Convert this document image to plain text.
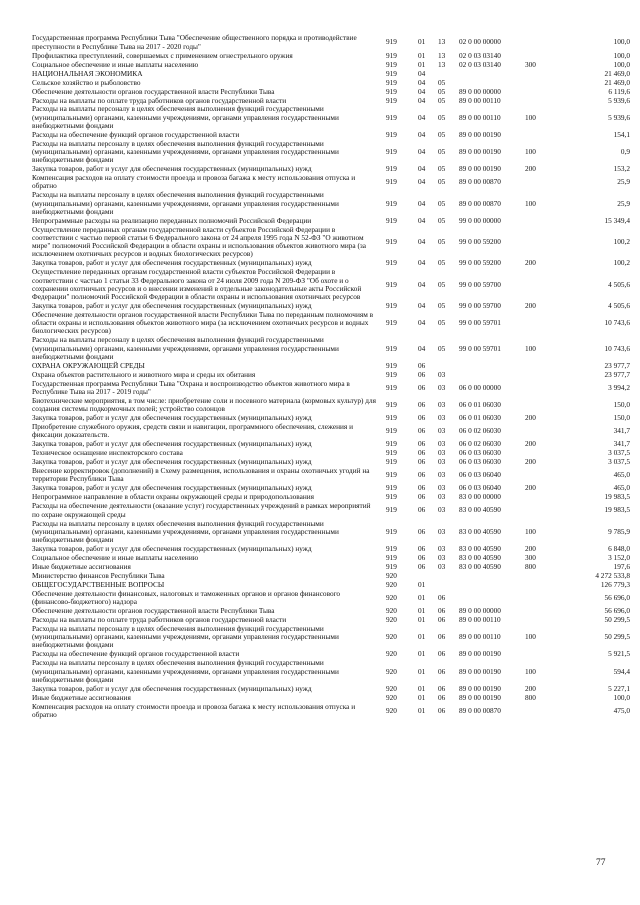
Государственная программа Республики Тыва "Обеспечение общественного порядка и противодействие преступности в Республике Тыва на 2017 - 2020 годы"	919	01	13	02 0 00 00000		100,0
Профилактика преступлений, совершаемых с применением огнестрельного оружия	919	01	13	02 0 03 03140		100,0
Социальное обеспечение и иные выплаты населению	919	01	13	02 0 03 03140	300	100,0
НАЦИОНАЛЬНАЯ ЭКОНОМИКА	919	04				21 469,0
Сельское хозяйство и рыболовство	919	04	05			21 469,0
Обеспечение деятельности органов государственной власти Республики Тыва	919	04	05	89 0 00 00000		6 119,6
Расходы на выплаты по оплате труда работников органов государственной власти	919	04	05	89 0 00 00110		5 939,6
Расходы на выплаты персоналу в целях обеспечения выполнения функций государственными (муниципальными) органами, казенными учреждениями, органами управления государственными внебюджетными фондами	919	04	05	89 0 00 00110	100	5 939,6
Расходы на обеспечение функций органов государственной власти	919	04	05	89 0 00 00190		154,1
Расходы на выплаты персоналу в целях обеспечения выполнения функций государственными (муниципальными) органами, казенными учреждениями, органами управления государственными внебюджетными фондами	919	04	05	89 0 00 00190	100	0,9
Закупка товаров, работ и услуг для обеспечения государственных (муниципальных) нужд	919	04	05	89 0 00 00190	200	153,2
Компенсация расходов на оплату стоимости проезда и провоза багажа к месту использования отпуска и обратно	919	04	05	89 0 00 00870		25,9
Расходы на выплаты персоналу в целях обеспечения выполнения функций государственными (муниципальными) органами, казенными учреждениями, органами управления государственными внебюджетными фондами	919	04	05	89 0 00 00870	100	25,9
Непрограммные расходы на реализацию переданных полномочий Российской Федерации	919	04	05	99 0 00 00000		15 349,4
Осуществление переданных органам государственной власти субъектов Российской Федерации в соответствии с частью первой статьи 6 Федерального закона от 24 апреля 1995 года N 52-ФЗ "О животном мире" полномочий Российской Федерации в области охраны и использования объектов животного мира (за исключением охотничьих ресурсов и водных биологических ресурсов)	919	04	05	99 0 00 59200		100,2
Закупка товаров, работ и услуг для обеспечения государственных (муниципальных) нужд	919	04	05	99 0 00 59200	200	100,2
Осуществление переданных органам государственной власти субъектов Российской Федерации в соответствии с частью 1 статьи 33 Федерального закона от 24 июля 2009 года N 209-ФЗ "Об охоте и о сохранении охотничьих ресурсов и о внесении изменений в отдельные законодательные акты Российской Федерации" полномочий Российской Федерации в области охраны и использования охотничьих ресурсов	919	04	05	99 0 00 59700		4 505,6
Закупка товаров, работ и услуг для обеспечения государственных (муниципальных) нужд	919	04	05	99 0 00 59700	200	4 505,6
Обеспечение деятельности органов государственной власти Республики Тыва по переданным полномочиям в области охраны и использования объектов животного мира (за исключением охотничьих ресурсов и водных биологических ресурсов)	919	04	05	99 0 00 59701		10 743,6
Расходы на выплаты персоналу в целях обеспечения выполнения функций государственными (муниципальными) органами, казенными учреждениями, органами управления государственными внебюджетными фондами	919	04	05	99 0 00 59701	100	10 743,6
ОХРАНА ОКРУЖАЮЩЕЙ СРЕДЫ	919	06				23 977,7
Охрана объектов растительного и животного мира и среды их обитания	919	06	03			23 977,7
Государственная программа Республики Тыва "Охрана и воспроизводство объектов животного мира в Республике Тыва на 2017 - 2019 годы"	919	06	03	06 0 00 00000		3 994,2
Биотехнические мероприятия, в том числе: приобретение соли и посевного материала (кормовых культур) для создания системы подкормочных полей; устройство солонцов	919	06	03	06 0 01 06030		150,0
Закупка товаров, работ и услуг для обеспечения государственных (муниципальных) нужд	919	06	03	06 0 01 06030	200	150,0
Приобретение служебного оружия, средств связи и навигации, программного обеспечения, слежения и фиксации доказательств.	919	06	03	06 0 02 06030		341,7
Закупка товаров, работ и услуг для обеспечения государственных (муниципальных) нужд	919	06	03	06 0 02 06030	200	341,7
Техническое оснащение инспекторского состава	919	06	03	06 0 03 06030		3 037,5
Закупка товаров, работ и услуг для обеспечения государственных (муниципальных) нужд	919	06	03	06 0 03 06030	200	3 037,5
Внесение корректировок (дополнений) в Схему размещения, использования и охраны охотничьих угодий на территории Республики Тыва	919	06	03	06 0 03 06040		465,0
Закупка товаров, работ и услуг для обеспечения государственных (муниципальных) нужд	919	06	03	06 0 03 06040	200	465,0
Непрограммное направление в области охраны окружающей среды и природопользования	919	06	03	83 0 00 00000		19 983,5
Расходы на обеспечение деятельности (оказание услуг) государственных учреждений в рамках мероприятий по охране окружающей среды	919	06	03	83 0 00 40590		19 983,5
Расходы на выплаты персоналу в целях обеспечения выполнения функций государственными (муниципальными) органами, казенными учреждениями, органами управления государственными внебюджетными фондами	919	06	03	83 0 00 40590	100	9 785,9
Закупка товаров, работ и услуг для обеспечения государственных (муниципальных) нужд	919	06	03	83 0 00 40590	200	6 848,0
Социальное обеспечение и иные выплаты населению	919	06	03	83 0 00 40590	300	3 152,0
Иные бюджетные ассигнования	919	06	03	83 0 00 40590	800	197,6
Министерство финансов Республики Тыва	920					4 272 533,8
ОБЩЕГОСУДАРСТВЕННЫЕ ВОПРОСЫ	920	01				126 779,3
Обеспечение деятельности финансовых, налоговых и таможенных органов и органов финансового (финансово-бюджетного) надзора	920	01	06			56 696,0
Обеспечение деятельности органов государственной власти Республики Тыва	920	01	06	89 0 00 00000		56 696,0
Расходы на выплаты по оплате труда работников органов государственной власти	920	01	06	89 0 00 00110		50 299,5
Расходы на выплаты персоналу в целях обеспечения выполнения функций государственными (муниципальными) органами, казенными учреждениями, органами управления государственными внебюджетными фондами	920	01	06	89 0 00 00110	100	50 299,5
Расходы на обеспечение функций органов государственной власти	920	01	06	89 0 00 00190		5 921,5
Расходы на выплаты персоналу в целях обеспечения выполнения функций государственными (муниципальными) органами, казенными учреждениями, органами управления государственными внебюджетными фондами	920	01	06	89 0 00 00190	100	594,4
Закупка товаров, работ и услуг для обеспечения государственных (муниципальных) нужд	920	01	06	89 0 00 00190	200	5 227,1
Иные бюджетные ассигнования	920	01	06	89 0 00 00190	800	100,0
Компенсация расходов на оплату стоимости проезда и провоза багажа к месту использования отпуска и обратно	920	01	06	89 0 00 00870		475,0
77
